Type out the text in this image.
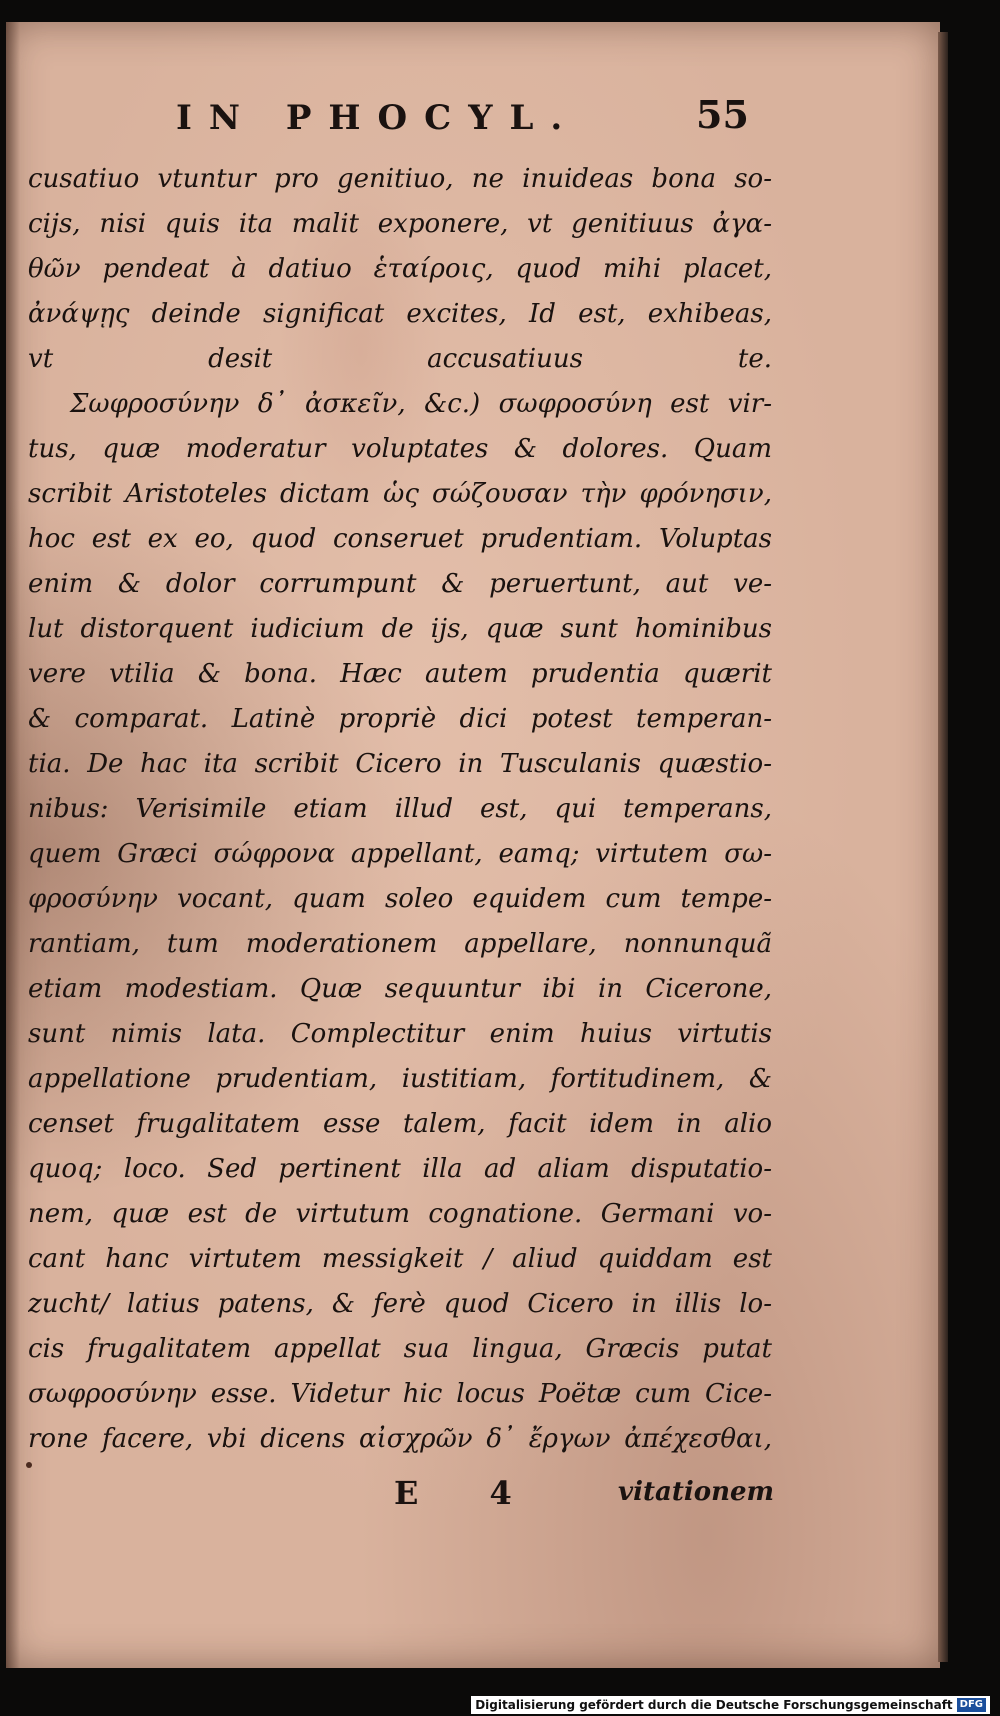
IN PHOCYL.	55
cusatiuo vtuntur pro genitiuo, ne inuideas bona so-
cijs, nisi quis ita malit exponere, vt genitiuus ἀγα-
θῶν pendeat à datiuo ἑταίροις, quod mihi placet,
ἀνάψῃς deinde significat excites, Id est, exhibeas,
vt desit accusatiuus te.
Σωφροσύνην δ᾽ ἀσκεῖν, &c.) σωφροσύνη est vir-
tus, quæ moderatur voluptates & dolores. Quam
scribit Aristoteles dictam ὡς σώζουσαν τὴν φρόνησιν,
hoc est ex eo, quod conseruet prudentiam. Voluptas
enim & dolor corrumpunt & peruertunt, aut ve-
lut distorquent iudicium de ijs, quæ sunt hominibus
vere vtilia & bona. Hæc autem prudentia quærit
& comparat. Latinè propriè dici potest temperan-
tia. De hac ita scribit Cicero in Tusculanis quæstio-
nibus: Verisimile etiam illud est, qui temperans,
quem Græci σώφρονα appellant, eamq; virtutem σω-
φροσύνην vocant, quam soleo equidem cum tempe-
rantiam, tum moderationem appellare, nonnunquã
etiam modestiam. Quæ sequuntur ibi in Cicerone,
sunt nimis lata. Complectitur enim huius virtutis
appellatione prudentiam, iustitiam, fortitudinem, &
censet frugalitatem esse talem, facit idem in alio
quoq; loco. Sed pertinent illa ad aliam disputatio-
nem, quæ est de virtutum cognatione. Germani vo-
cant hanc virtutem messigkeit / aliud quiddam est
zucht/ latius patens, & ferè quod Cicero in illis lo-
cis frugalitatem appellat sua lingua, Græcis putat
σωφροσύνην esse. Videtur hic locus Poëtæ cum Cice-
rone facere, vbi dicens αἰσχρῶν δ᾽ ἔργων ἀπέχεσθαι,
E 4	vitationem
Digitalisierung gefördert durch die Deutsche Forschungsgemeinschaft DFG
